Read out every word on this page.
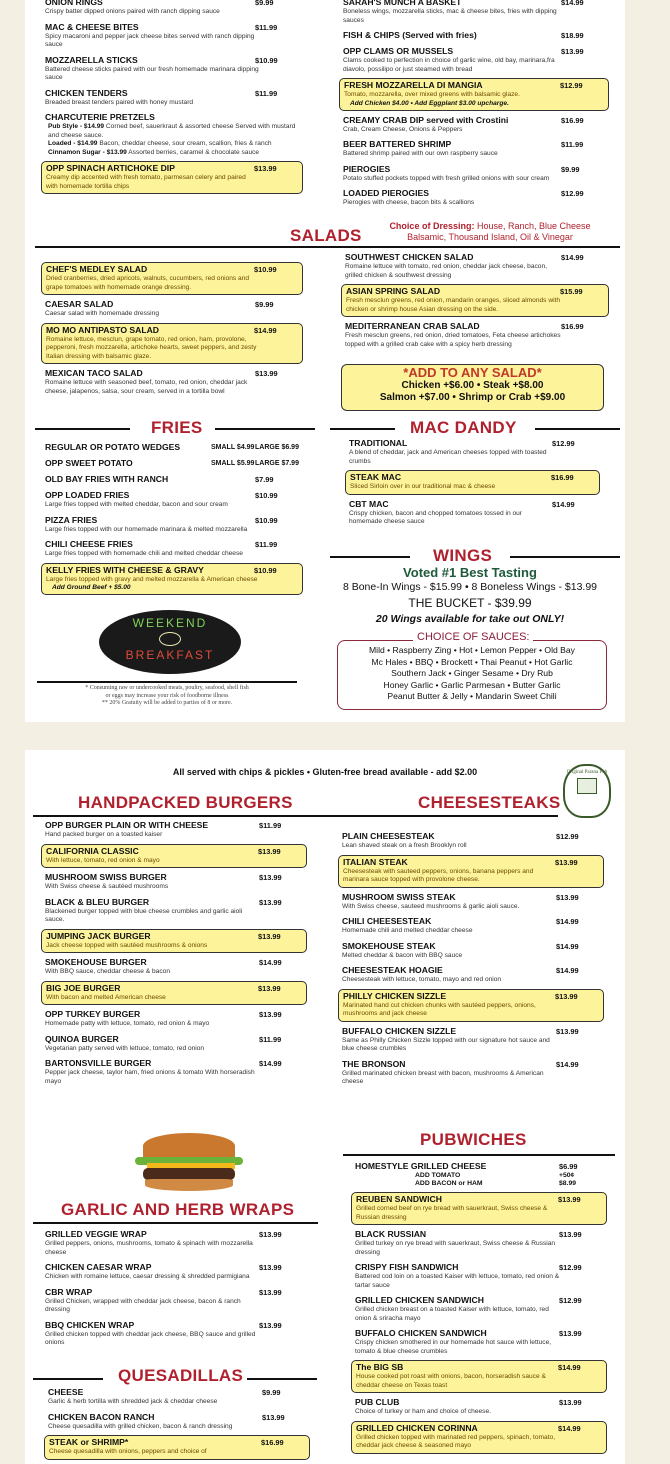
ONION RINGS	$9.99
Crispy batter dipped onions paired with ranch dipping sauce
MAC & CHEESE BITES	$11.99
Spicy macaroni and pepper jack cheese bites served with ranch dipping sauce
MOZZARELLA STICKS	$10.99
Battered cheese sticks paired with our fresh homemade marinara dipping sauce
CHICKEN TENDERS	$11.99
Breaded breast tenders paired with honey mustard
CHARCUTERIE PRETZELS
Pub Style - $14.99 Corned beef, sauerkraut & assorted cheese Served with mustard and cheese sauce.
Loaded - $14.99 Bacon, cheddar cheese, sour cream, scallion, fries & ranch
Cinnamon Sugar - $13.99 Assorted berries, caramel & chocolate sauce
OPP SPINACH ARTICHOKE DIP	$13.99
Creamy dip accented with fresh tomato, parmesan celery and paired with homemade tortilla chips
SARAH'S MUNCH A BASKET	$14.99
Boneless wings, mozzarella sticks, mac & cheese bites, fries with dipping sauces
FISH & CHIPS (Served with fries)	$18.99
OPP CLAMS OR MUSSELS	$13.99
Clams cooked to perfection in choice of garlic wine, old bay, marinara,fra diavolo, possilipo or just steamed with bread
FRESH MOZZARELLA DI MANGIA	$12.99
Tomato, mozzarella, over mixed greens with balsamic glaze.
Add Chicken $4.00 • Add Eggplant $3.00 upcharge.
CREAMY CRAB DIP served with Crostini	$16.99
Crab, Cream Cheese, Onions & Peppers
BEER BATTERED SHRIMP	$11.99
Battered shrimp paired with our own raspberry sauce
PIEROGIES	$9.99
Potato stuffed pockets topped with fresh grilled onions with sour cream
LOADED PIEROGIES	$12.99
Pierogies with cheese, bacon bits & scallions
SALADS	Choice of Dressing: House, Ranch, Blue Cheese
Balsamic, Thousand Island, Oil & Vinegar
CHEF'S MEDLEY SALAD	$10.99
Dried cranberries, dried apricots, walnuts, cucumbers, red onions and grape tomatoes with homemade orange dressing.
CAESAR SALAD	$9.99
Caesar salad with homemade dressing
MO MO ANTIPASTO SALAD	$14.99
Romaine lettuce, mesclun, grape tomato, red onion, ham, provolone, pepperoni, fresh mozzarella, artichoke hearts, sweet peppers, and zesty Italian dressing with balsamic glaze.
MEXICAN TACO SALAD	$13.99
Romaine lettuce with seasoned beef, tomato, red onion, cheddar jack cheese, jalapenos, salsa, sour cream, served in a tortilla bowl
SOUTHWEST CHICKEN SALAD	$14.99
Romaine lettuce with tomato, red onion, cheddar jack cheese, bacon, grilled chicken & southwest dressing
ASIAN SPRING SALAD	$15.99
Fresh mesclun greens, red onion, mandarin oranges, sliced almonds with chicken or shrimp house Asian dressing on the side.
MEDITERRANEAN CRAB SALAD	$16.99
Fresh mesclun greens, red onion, dried tomatoes, Feta cheese artichokes topped with a grilled crab cake with a spicy herb dressing
*ADD TO ANY SALAD*
Chicken +$6.00 • Steak +$8.00
Salmon +$7.00 • Shrimp or Crab +$9.00
FRIES
REGULAR OR POTATO WEDGES	SMALL $4.99 LARGE $6.99
OPP SWEET POTATO	SMALL $5.99 LARGE $7.99
OLD BAY FRIES WITH RANCH	$7.99
OPP LOADED FRIES	$10.99
Large fries topped with melted cheddar, bacon and sour cream
PIZZA FRIES	$10.99
Large fries topped with our homemade marinara & melted mozzarella
CHILI CHEESE FRIES	$11.99
Large fries topped with homemade chili and melted cheddar cheese
KELLY FRIES WITH CHEESE & GRAVY	$10.99
Large fries topped with gravy and melted mozzarella & American cheese
Add Ground Beef + $5.00
MAC DANDY
TRADITIONAL	$12.99
A blend of cheddar, jack and American cheeses topped with toasted crumbs
STEAK MAC	$16.99
Sliced Sirloin over in our traditional mac & cheese
CBT MAC	$14.99
Crispy chicken, bacon and chopped tomatoes tossed in our homemade cheese sauce
WINGS
Voted #1 Best Tasting
8 Bone-In Wings - $15.99 • 8 Boneless Wings - $13.99
THE BUCKET - $39.99
20 Wings available for take out ONLY!
CHOICE OF SAUCES:
Mild • Raspberry Zing • Hot • Lemon Pepper • Old Bay
Mc Hales • BBQ • Brockett • Thai Peanut • Hot Garlic
Southern Jack • Ginger Sesame • Dry Rub
Honey Garlic • Garlic Parmesan • Butter Garlic
Peanut Butter & Jelly • Mandarin Sweet Chili
WEEKEND
BREAKFAST
* Consuming raw or undercooked meats, poultry, seafood, shell fish
or eggs may increase your risk of foodborne illness
** 20% Gratuity will be added to parties of 8 or more.
All served with chips & pickles • Gluten-free bread available - add $2.00	Original Parana Pub
HANDPACKED BURGERS	CHEESESTEAKS
OPP BURGER PLAIN OR WITH CHEESE	$11.99
Hand packed burger on a toasted kaiser
CALIFORNIA CLASSIC	$13.99
With lettuce, tomato, red onion & mayo
MUSHROOM SWISS BURGER	$13.99
With Swiss cheese & sautéed mushrooms
BLACK & BLEU BURGER	$13.99
Blackened burger topped with blue cheese crumbles and garlic aioli sauce.
JUMPING JACK BURGER	$13.99
Jack cheese topped with sautéed mushrooms & onions
SMOKEHOUSE BURGER	$14.99
With BBQ sauce, cheddar cheese & bacon
BIG JOE BURGER	$13.99
With bacon and melted American cheese
OPP TURKEY BURGER	$13.99
Homemade patty with lettuce, tomato, red onion & mayo
QUINOA BURGER	$11.99
Vegetarian patty served with lettuce, tomato, red onion
BARTONSVILLE BURGER	$14.99
Pepper jack cheese, taylor ham, fried onions & tomato With horseradish mayo
GARLIC AND HERB WRAPS
GRILLED VEGGIE WRAP	$13.99
Grilled peppers, onions, mushrooms, tomato & spinach with mozzarella cheese
CHICKEN CAESAR WRAP	$13.99
Chicken with romaine lettuce, caesar dressing & shredded parmigiana
CBR WRAP	$13.99
Grilled Chicken, wrapped with cheddar jack cheese, bacon & ranch dressing
BBQ CHICKEN WRAP	$13.99
Grilled chicken topped with cheddar jack cheese, BBQ sauce and grilled onions
QUESADILLAS
CHEESE	$9.99
Garlic & herb tortilla with shredded jack & cheddar cheese
CHICKEN BACON RANCH	$13.99
Cheese quesadilla with grilled chicken, bacon & ranch dressing
STEAK or SHRIMP*	$16.99
Cheese quesadilla with onions, peppers and choice of
PLAIN CHEESESTEAK	$12.99
Lean shaved steak on a fresh Brooklyn roll
ITALIAN STEAK	$13.99
Cheesesteak with sauteed peppers, onions, banana peppers and marinara sauce topped with provolone cheese.
MUSHROOM SWISS STEAK	$13.99
With Swiss cheese, sauteed mushrooms & garlic aioli sauce.
CHILI CHEESESTEAK	$14.99
Homemade chili and melted cheddar cheese
SMOKEHOUSE STEAK	$14.99
Melted cheddar & bacon with BBQ sauce
CHEESESTEAK HOAGIE	$14.99
Cheesesteak with lettuce, tomato, mayo and red onion
PHILLY CHICKEN SIZZLE	$13.99
Marinated hand cut chicken chunks with sautéed peppers, onions, mushrooms and jack cheese
BUFFALO CHICKEN SIZZLE	$13.99
Same as Philly Chicken Sizzle topped with our signature hot sauce and blue cheese crumbles
THE BRONSON	$14.99
Grilled marinated chicken breast with bacon, mushrooms & American cheese
PUBWICHES
HOMESTYLE GRILLED CHEESE	$6.99
ADD TOMATO	+50¢
ADD BACON or HAM	$8.99
REUBEN SANDWICH	$13.99
Grilled corned beef on rye bread with sauerkraut, Swiss cheese & Russian dressing
BLACK RUSSIAN	$13.99
Grilled turkey on rye bread with sauerkraut, Swiss cheese & Russian dressing
CRISPY FISH SANDWICH	$12.99
Battered cod loin on a toasted Kaiser with lettuce, tomato, red onion & tartar sauce
GRILLED CHICKEN SANDWICH	$12.99
Grilled chicken breast on a toasted Kaiser with lettuce, tomato, red onion & sriracha mayo
BUFFALO CHICKEN SANDWICH	$13.99
Crispy chicken smothered in our homemade hot sauce with lettuce, tomato & blue cheese crumbles
The BIG SB	$14.99
House cooked pot roast with onions, bacon, horseradish sauce & cheddar cheese on Texas toast
PUB CLUB	$13.99
Choice of turkey or ham and choice of cheese.
GRILLED CHICKEN CORINNA	$14.99
Grilled chicken topped with marinated red peppers, spinach, tomato, cheddar jack cheese & seasoned mayo
